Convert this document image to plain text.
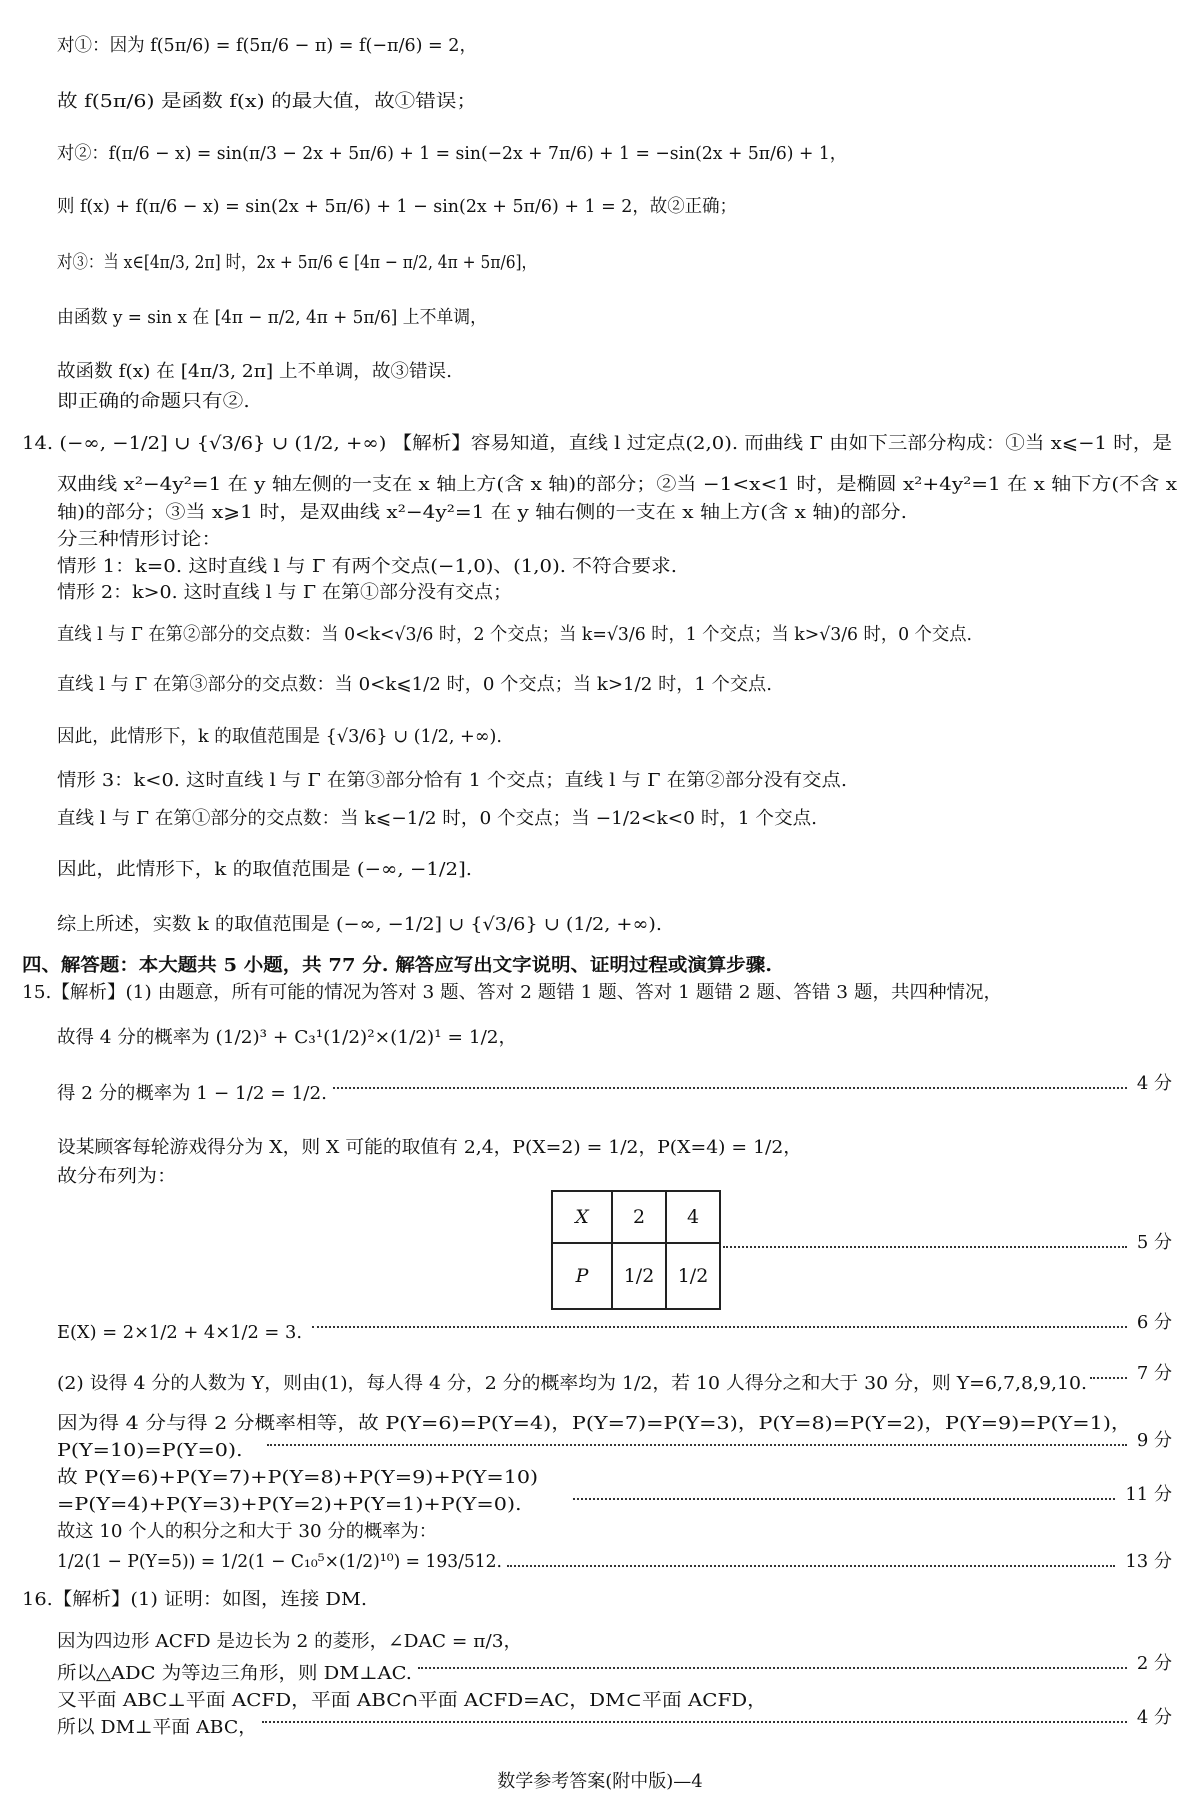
对①：因为 f(5π/6) = f(5π/6 − π) = f(−π/6) = 2，
故 f(5π/6) 是函数 f(x) 的最大值，故①错误；
对②：f(π/6 − x) = sin(π/3 − 2x + 5π/6) + 1 = sin(−2x + 7π/6) + 1 = −sin(2x + 5π/6) + 1，
则 f(x) + f(π/6 − x) = sin(2x + 5π/6) + 1 − sin(2x + 5π/6) + 1 = 2，故②正确；
对③：当 x∈[4π/3, 2π] 时，2x + 5π/6 ∈ [4π − π/2, 4π + 5π/6]，
由函数 y = sin x 在 [4π − π/2, 4π + 5π/6] 上不单调，
故函数 f(x) 在 [4π/3, 2π] 上不单调，故③错误.
即正确的命题只有②.
14. (−∞, −1/2] ∪ {√3/6} ∪ (1/2, +∞) 【解析】容易知道，直线 l 过定点(2,0). 而曲线 Γ 由如下三部分构成：①当 x⩽−1 时，是
双曲线 x²−4y²=1 在 y 轴左侧的一支在 x 轴上方(含 x 轴)的部分；②当 −1<x<1 时，是椭圆 x²+4y²=1 在 x 轴下方(不含 x
轴)的部分；③当 x⩾1 时，是双曲线 x²−4y²=1 在 y 轴右侧的一支在 x 轴上方(含 x 轴)的部分.
分三种情形讨论：
情形 1：k=0. 这时直线 l 与 Γ 有两个交点(−1,0)、(1,0). 不符合要求.
情形 2：k>0. 这时直线 l 与 Γ 在第①部分没有交点；
直线 l 与 Γ 在第②部分的交点数：当 0<k<√3/6 时，2 个交点；当 k=√3/6 时，1 个交点；当 k>√3/6 时，0 个交点.
直线 l 与 Γ 在第③部分的交点数：当 0<k⩽1/2 时，0 个交点；当 k>1/2 时，1 个交点.
因此，此情形下，k 的取值范围是 {√3/6} ∪ (1/2, +∞).
情形 3：k<0. 这时直线 l 与 Γ 在第③部分恰有 1 个交点；直线 l 与 Γ 在第②部分没有交点.
直线 l 与 Γ 在第①部分的交点数：当 k⩽−1/2 时，0 个交点；当 −1/2<k<0 时，1 个交点.
因此，此情形下，k 的取值范围是 (−∞, −1/2].
综上所述，实数 k 的取值范围是 (−∞, −1/2] ∪ {√3/6} ∪ (1/2, +∞).
四、解答题：本大题共 5 小题，共 77 分. 解答应写出文字说明、证明过程或演算步骤.
15.【解析】(1) 由题意，所有可能的情况为答对 3 题、答对 2 题错 1 题、答对 1 题错 2 题、答错 3 题，共四种情况，
故得 4 分的概率为 (1/2)³ + C₃¹(1/2)²×(1/2)¹ = 1/2，
得 2 分的概率为 1 − 1/2 = 1/2.
设某顾客每轮游戏得分为 X，则 X 可能的取值有 2,4，P(X=2) = 1/2，P(X=4) = 1/2，
故分布列为：
E(X) = 2×1/2 + 4×1/2 = 3.
(2) 设得 4 分的人数为 Y，则由(1)，每人得 4 分，2 分的概率均为 1/2，若 10 人得分之和大于 30 分，则 Y=6,7,8,9,10.
因为得 4 分与得 2 分概率相等，故 P(Y=6)=P(Y=4)，P(Y=7)=P(Y=3)，P(Y=8)=P(Y=2)，P(Y=9)=P(Y=1)，
P(Y=10)=P(Y=0).
故 P(Y=6)+P(Y=7)+P(Y=8)+P(Y=9)+P(Y=10)
=P(Y=4)+P(Y=3)+P(Y=2)+P(Y=1)+P(Y=0).
故这 10 个人的积分之和大于 30 分的概率为：
1/2(1 − P(Y=5)) = 1/2(1 − C₁₀⁵×(1/2)¹⁰) = 193/512.
16.【解析】(1) 证明：如图，连接 DM.
因为四边形 ACFD 是边长为 2 的菱形，∠DAC = π/3，
所以△ADC 为等边三角形，则 DM⊥AC.
又平面 ABC⊥平面 ACFD，平面 ABC∩平面 ACFD=AC，DM⊂平面 ACFD，
所以 DM⊥平面 ABC，
4 分
5 分
6 分
7 分
9 分
11 分
13 分
2 分
4 分
X	2	4
P	1/2	1/2
数学参考答案(附中版)—4
